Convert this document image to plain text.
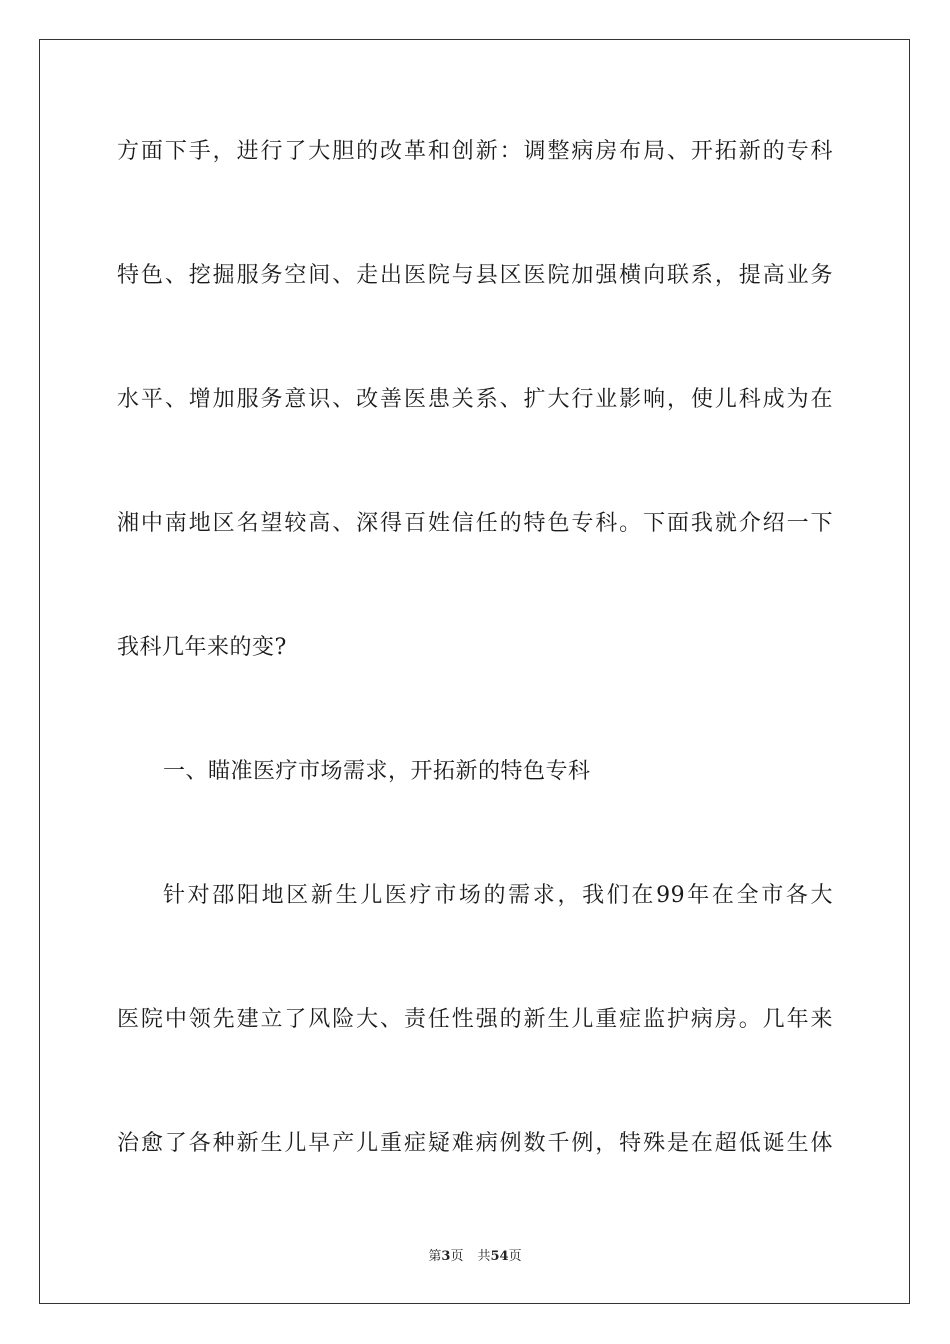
方面下手，进行了大胆的改革和创新：调整病房布局、开拓新的专科
特色、挖掘服务空间、走出医院与县区医院加强横向联系，提高业务
水平、增加服务意识、改善医患关系、扩大行业影响，使儿科成为在
湘中南地区名望较高、深得百姓信任的特色专科。下面我就介绍一下
我科几年来的变?
一、瞄准医疗市场需求，开拓新的特色专科
针对邵阳地区新生儿医疗市场的需求，我们在99年在全市各大
医院中领先建立了风险大、责任性强的新生儿重症监护病房。几年来
治愈了各种新生儿早产儿重症疑难病例数千例，特殊是在超低诞生体
第3页 共54页
